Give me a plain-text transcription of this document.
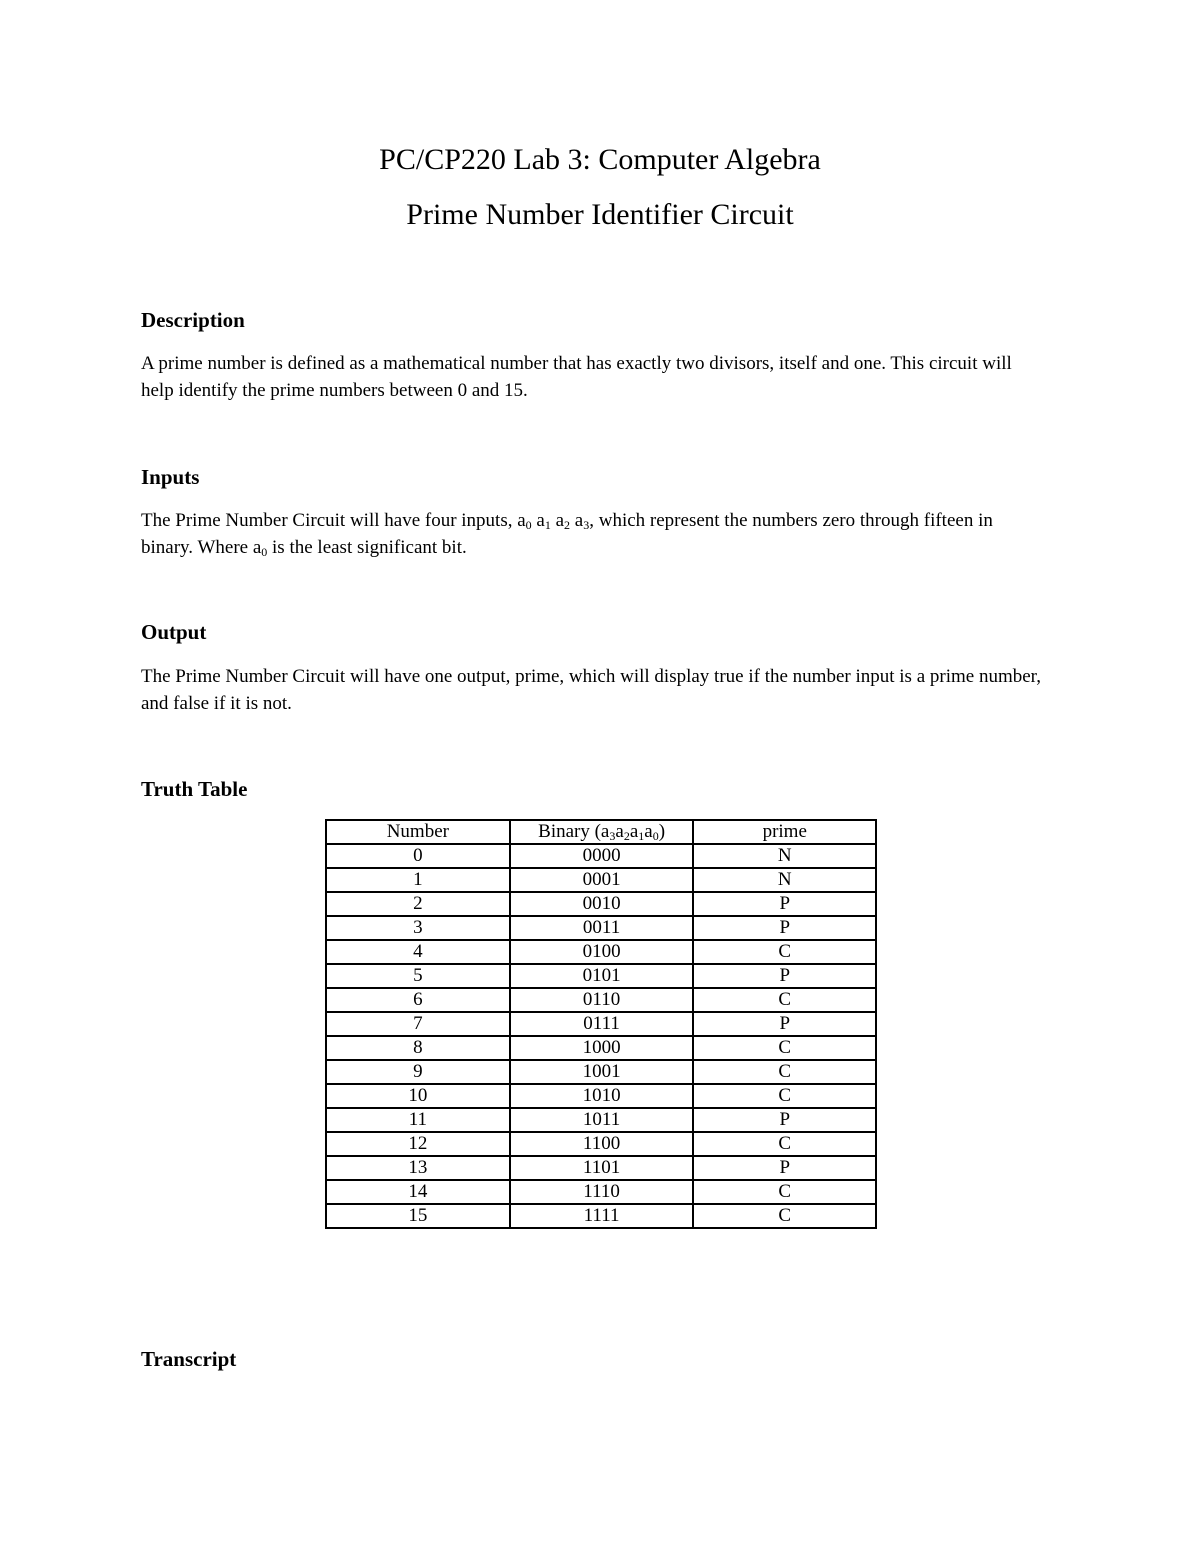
PC/CP220 Lab 3: Computer Algebra
Prime Number Identifier Circuit
Description
A prime number is defined as a mathematical number that has exactly two divisors, itself and one. This circuit will help identify the prime numbers between 0 and 15.
Inputs
The Prime Number Circuit will have four inputs, $a_0$ $a_1$ $a_2$ $a_3$, which represent the numbers zero through fifteen in binary. Where $a_0$ is the least significant bit.
Output
The Prime Number Circuit will have one output, prime, which will display true if the number input is a prime number, and false if it is not.
Truth Table
Number	Binary $(a_3a_2a_1a_0)$	prime
0	0000	N
1	0001	N
2	0010	P
3	0011	P
4	0100	C
5	0101	P
6	0110	C
7	0111	P
8	1000	C
9	1001	C
10	1010	C
11	1011	P
12	1100	C
13	1101	P
14	1110	C
15	1111	C
Transcript
